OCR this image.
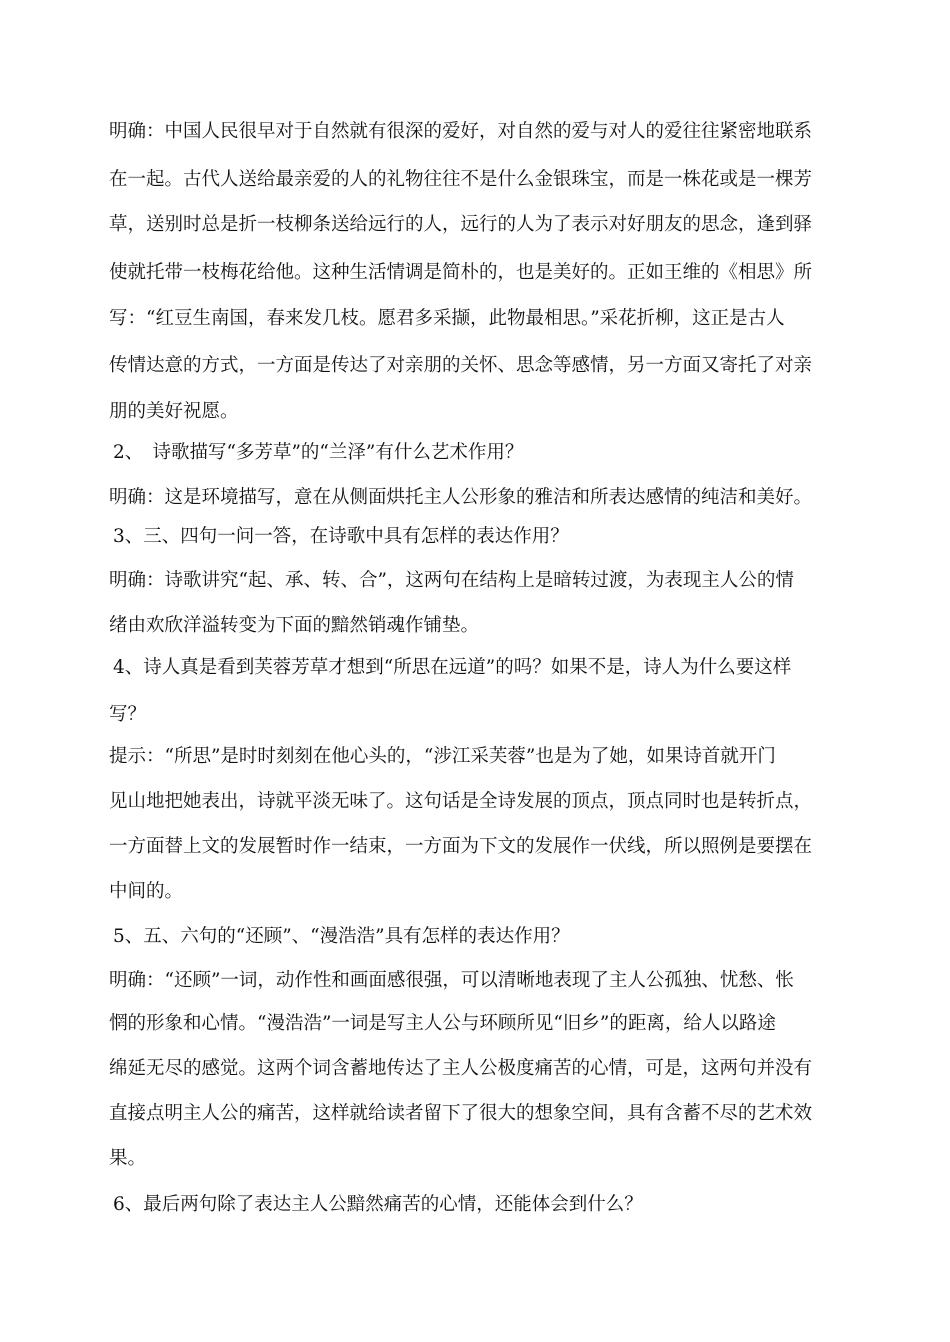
明确：中国人民很早对于自然就有很深的爱好，对自然的爱与对人的爱往往紧密地联系
在一起。古代人送给最亲爱的人的礼物往往不是什么金银珠宝，而是一株花或是一棵芳
草，送别时总是折一枝柳条送给远行的人，远行的人为了表示对好朋友的思念，逢到驿
使就托带一枝梅花给他。这种生活情调是简朴的，也是美好的。正如王维的《相思》所
写：“红豆生南国，春来发几枝。愿君多采撷，此物最相思。”采花折柳，这正是古人
传情达意的方式，一方面是传达了对亲朋的关怀、思念等感情，另一方面又寄托了对亲
朋的美好祝愿。
2、　诗歌描写“多芳草”的“兰泽”有什么艺术作用？
明确：这是环境描写，意在从侧面烘托主人公形象的雅洁和所表达感情的纯洁和美好。
3、三、四句一问一答，在诗歌中具有怎样的表达作用？
明确：诗歌讲究“起、承、转、合”，这两句在结构上是暗转过渡，为表现主人公的情
绪由欢欣洋溢转变为下面的黯然销魂作铺垫。
4、诗人真是看到芙蓉芳草才想到“所思在远道”的吗？如果不是，诗人为什么要这样
写？
提示：“所思”是时时刻刻在他心头的，“涉江采芙蓉”也是为了她，如果诗首就开门
见山地把她表出，诗就平淡无味了。这句话是全诗发展的顶点，顶点同时也是转折点，
一方面替上文的发展暂时作一结束，一方面为下文的发展作一伏线，所以照例是要摆在
中间的。
5、五、六句的“还顾”、“漫浩浩”具有怎样的表达作用？
明确：“还顾”一词，动作性和画面感很强，可以清晰地表现了主人公孤独、忧愁、怅
惘的形象和心情。“漫浩浩”一词是写主人公与环顾所见“旧乡”的距离，给人以路途
绵延无尽的感觉。这两个词含蓄地传达了主人公极度痛苦的心情，可是，这两句并没有
直接点明主人公的痛苦，这样就给读者留下了很大的想象空间，具有含蓄不尽的艺术效
果。
6、最后两句除了表达主人公黯然痛苦的心情，还能体会到什么？
